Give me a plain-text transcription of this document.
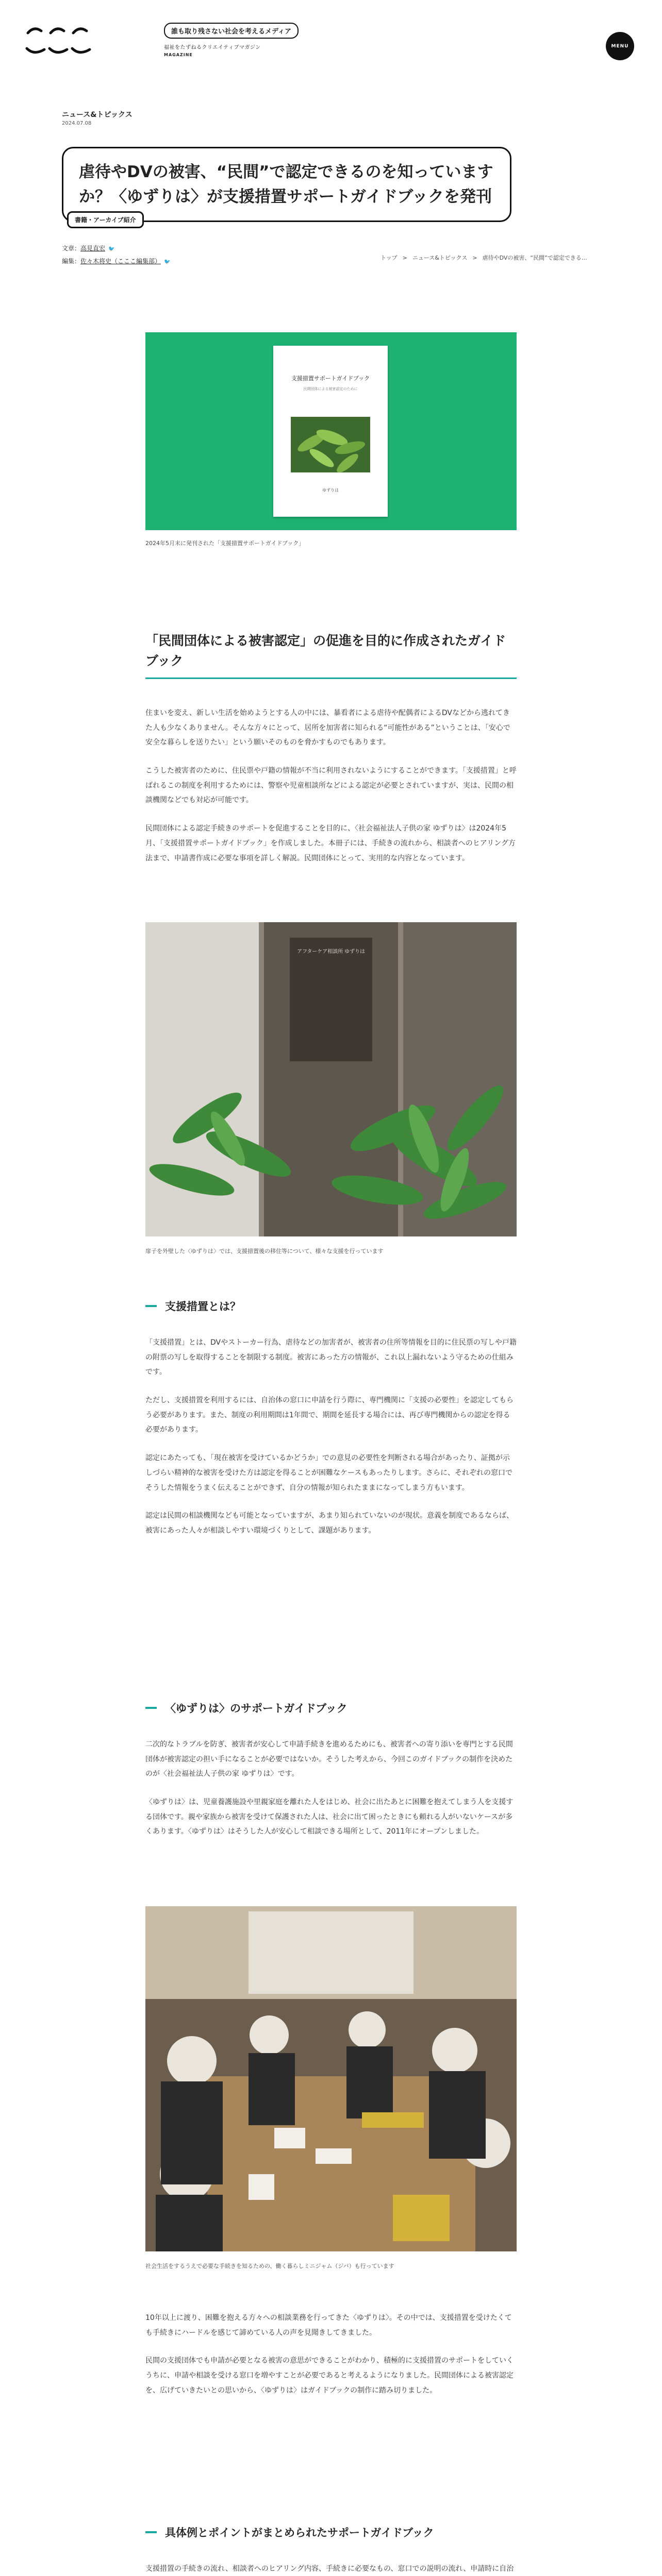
誰も取り残さない社会を考えるメディア
福祉をたずねるクリエイティブマガジン
MAGAZINE
MENU
ニュース&トピックス
2024.07.08
虐待やDVの被害、“民間”で認定できるのを知っていますか？〈ゆずりは〉が支援措置サポートガイドブックを発刊
書籍・アーカイブ紹介
文章：高見直宏 🐦
編集：佐々木将史（こここ編集部） 🐦
トップ > ニュース&トピックス > 虐待やDVの被害、“民間”で認定できる…
支援措置サポートガイドブック
民間団体による被害認定のために
ゆずりは
2024年5月末に発刊された「支援措置サポートガイドブック」
「民間団体による被害認定」の促進を目的に作成されたガイドブック

住まいを変え、新しい生活を始めようとする人の中には、暴看者による虐待や配偶者によるDVなどから逃れてきた人も少なくありません。そんな方々にとって、居所を加害者に知られる“可能性がある”ということは、「安心で安全な暮らしを送りたい」という願いそのものを脅かすものでもあります。

こうした被害者のために、住民票や戸籍の情報が不当に利用されないようにすることができます。「支援措置」と呼ばれるこの制度を利用するためには、警察や児童相談所などによる認定が必要とされていますが、実は、民間の相談機関などでも対応が可能です。

民間団体による認定手続きのサポートを促進することを目的に、〈社会福祉法人子供の家 ゆずりは〉は2024年5月、「支援措置サポートガイドブック」を作成しました。本冊子には、手続きの流れから、相談者へのヒアリング方法まで、申請書作成に必要な事項を詳しく解説。民間団体にとって、実用的な内容となっています。

アフターケア相談所 ゆずりは
扉子を外壁した〈ゆずりは〉では、支援措置後の移住等について、様々な支援を行っています
支援措置とは？

「支援措置」とは、DVやストーカー行為、虐待などの加害者が、被害者の住所等情報を目的に住民票の写しや戸籍の附票の写しを取得することを制限する制度。被害にあった方の情報が、これ以上漏れないよう守るための仕組みです。

ただし、支援措置を利用するには、自治体の窓口に申請を行う際に、専門機関に「支援の必要性」を認定してもらう必要があります。また、制度の利用期間は1年間で、期間を延長する場合には、再び専門機関からの認定を得る必要があります。

認定にあたっても、「現在被害を受けているかどうか」での意見の必要性を判断される場合があったり、証拠が示しづらい精神的な被害を受けた方は認定を得ることが困難なケースもあったりします。さらに、それぞれの窓口でそうした情報をうまく伝えることができず、自分の情報が知られたままになってしまう方もいます。

認定は民間の相談機関なども可能となっていますが、あまり知られていないのが現状。意義を制度であるならば、被害にあった人々が相談しやすい環境づくりとして、課題があります。

〈ゆずりは〉のサポートガイドブック

二次的なトラブルを防ぎ、被害者が安心して申請手続きを進めるためにも、被害者への寄り添いを専門とする民間団体が被害認定の担い手になることが必要ではないか。そうした考えから、今回このガイドブックの制作を決めたのが〈社会福祉法人子供の家 ゆずりは〉です。

〈ゆずりは〉は、児童養護施設や里親家庭を離れた人をはじめ、社会に出たあとに困難を抱えてしまう人を支援する団体です。親や家族から被害を受けて保護された人は、社会に出て困ったときにも頼れる人がいないケースが多くあります。〈ゆずりは〉はそうした人が安心して相談できる場所として、2011年にオープンしました。

社会生活をするうえで必要な手続きを知るための、働く暮らしミニジャム（ジバ）も行っています

10年以上に渡り、困難を抱える方々への相談業務を行ってきた〈ゆずりは〉。その中では、支援措置を受けたくても手続きにハードルを感じて諦めている人の声を見聞きしてきました。

民間の支援団体でも申請が必要となる被害の意思ができることがわかり、積極的に支援措置のサポートをしていくうちに、申請や相談を受ける窓口を増やすことが必要であると考えるようになりました。民間団体による被害認定を、広げていきたいとの思いから、〈ゆずりは〉はガイドブックの制作に踏み切りました。

具体例とポイントがまとめられたサポートガイドブック

支援措置の手続きの流れ、相談者へのヒアリング内容、手続きに必要なもの、窓口での説明の流れ、申請時に自治
